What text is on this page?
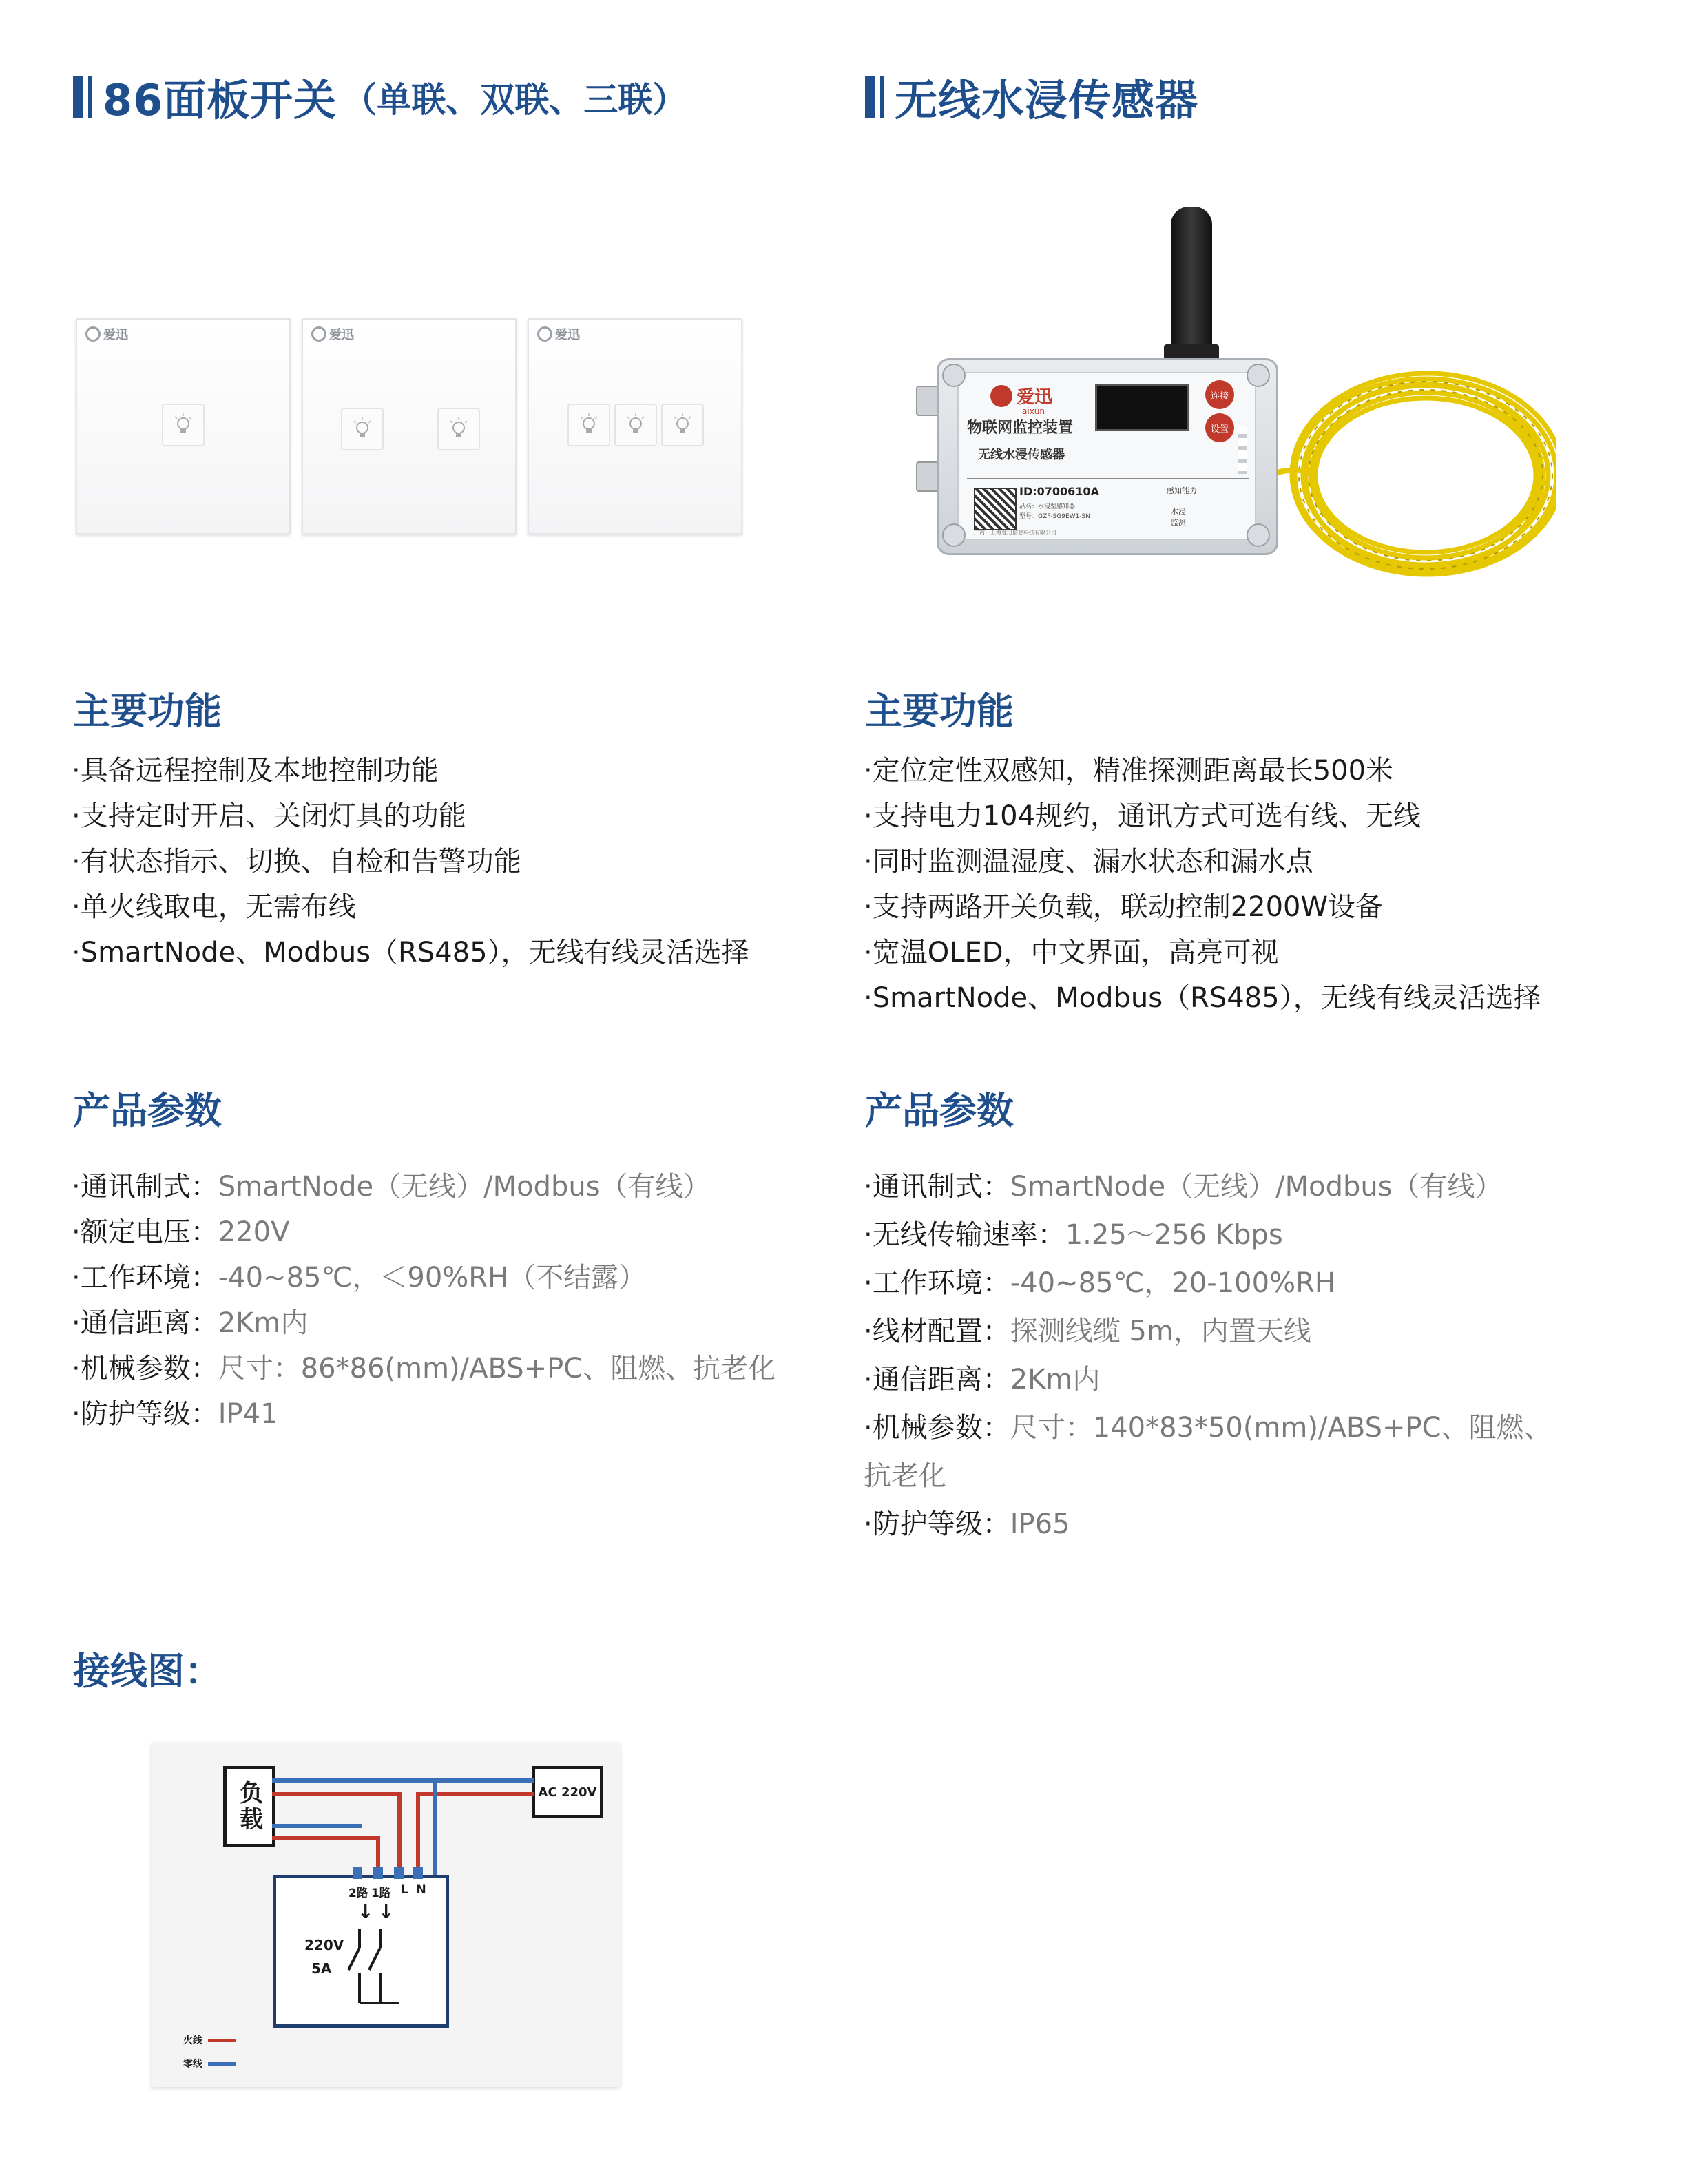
86面板开关 （单联、双联、三联）
爱迅	爱迅	爱迅
主要功能
·具备远程控制及本地控制功能
·支持定时开启、关闭灯具的功能
·有状态指示、切换、自检和告警功能
·单火线取电，无需布线
·SmartNode、Modbus（RS485），无线有线灵活选择
产品参数
·通讯制式：SmartNode（无线）/Modbus（有线）
·额定电压：220V
·工作环境：-40~85℃，＜90%RH（不结露）
·通信距离：2Km内
·机械参数：尺寸：86*86(mm)/ABS+PC、阻燃、抗老化
·防护等级：IP41
无线水浸传感器
爱迅
aixun
物联网监控装置
无线水浸传感器
连接
设置
ID:0700610A
品名：水浸型感知器
型号：GZF-SG9EW1-SN
厂商：上海爱迅信息科技有限公司
感知能力
水浸
监测
主要功能
·定位定性双感知，精准探测距离最长500米
·支持电力104规约，通讯方式可选有线、无线
·同时监测温湿度、漏水状态和漏水点
·支持两路开关负载，联动控制2200W设备
·宽温OLED，中文界面，高亮可视
·SmartNode、Modbus（RS485），无线有线灵活选择
产品参数
·通讯制式：SmartNode（无线）/Modbus（有线）
·无线传输速率：1.25～256 Kbps
·工作环境：-40~85℃，20-100%RH
·线材配置：探测线缆 5m，内置天线
·通信距离：2Km内
·机械参数：尺寸：140*83*50(mm)/ABS+PC、阻燃、
抗老化
·防护等级：IP65
接线图：
负载	AC 220V
2路 1路 L N
↓ ↓
220V
5A
火线
零线
